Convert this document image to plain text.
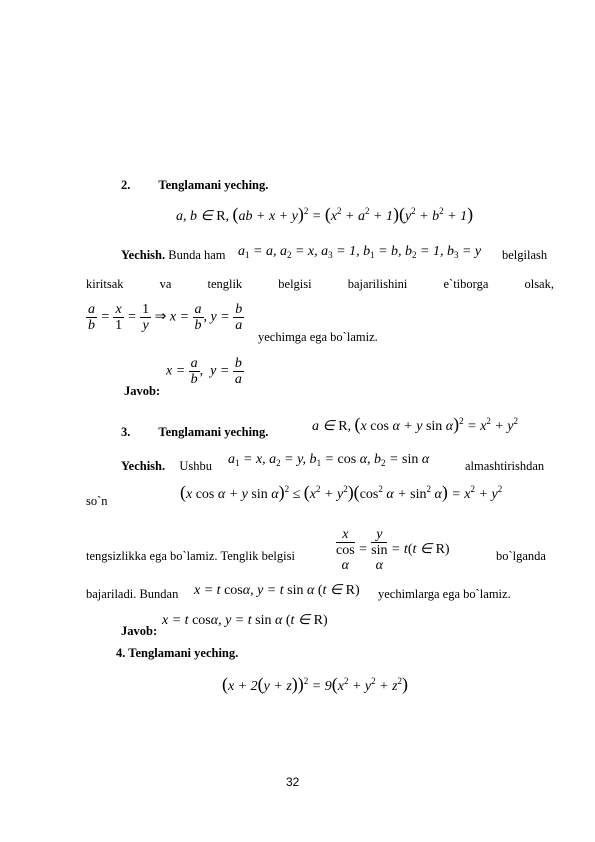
2. Tenglamani yeching.
a, b ∈ R, $(ab + x + y)^2 = (x^2 + a^2 + 1)(y^2 + b^2 + 1)$
Yechish. Bunda ham $a_1 = a$, $a_2 = x$, $a_3 = 1$, $b_1 = b$, $b_2 = 1$, $b_3 = y$ belgilash
kiritsak	va	tenglik	belgisi	bajarilishini	e`tiborga	olsak,
$\frac{a}{b} = \frac{x}{1} = \frac{1}{y}$ ⇒ $x = \frac{a}{b}$ , $y = \frac{b}{a}$
yechimga ega bo`lamiz.
Javob:
$x = \frac{a}{b}$ ,  $y = \frac{b}{a}$
3. Tenglamani yeching.	a ∈ R, (x cos α + y $\sin \alpha)^2 = x^2 + y^2$
Yechish. Ushbu $a_1 = x$, $a_2 = y$, $b_1 = \cos \alpha$, $b_2 = \sin \alpha$	almashtirishdan
so`n	(x cos α + y $\sin \alpha)^2 \le (x^2 + y^2)(\cos^2$ $\alpha + \sin^2 \alpha) = x^2 + y^2$
tengsizlikka ega bo`lamiz. Tenglik belgisi	x
cos
α = y
sin
α = t(t ∈ R)	bo`lganda
bajariladi. Bundan x = t cosα, y = t sin α (t ∈ R) yechimlarga ega bo`lamiz.
Javob:
x = t cosα, y = t sin α (t ∈ R)
4. Tenglamani yeching.
$(x + 2(y + z))^2 = 9(x^2 + y^2 + z^2)$
32
